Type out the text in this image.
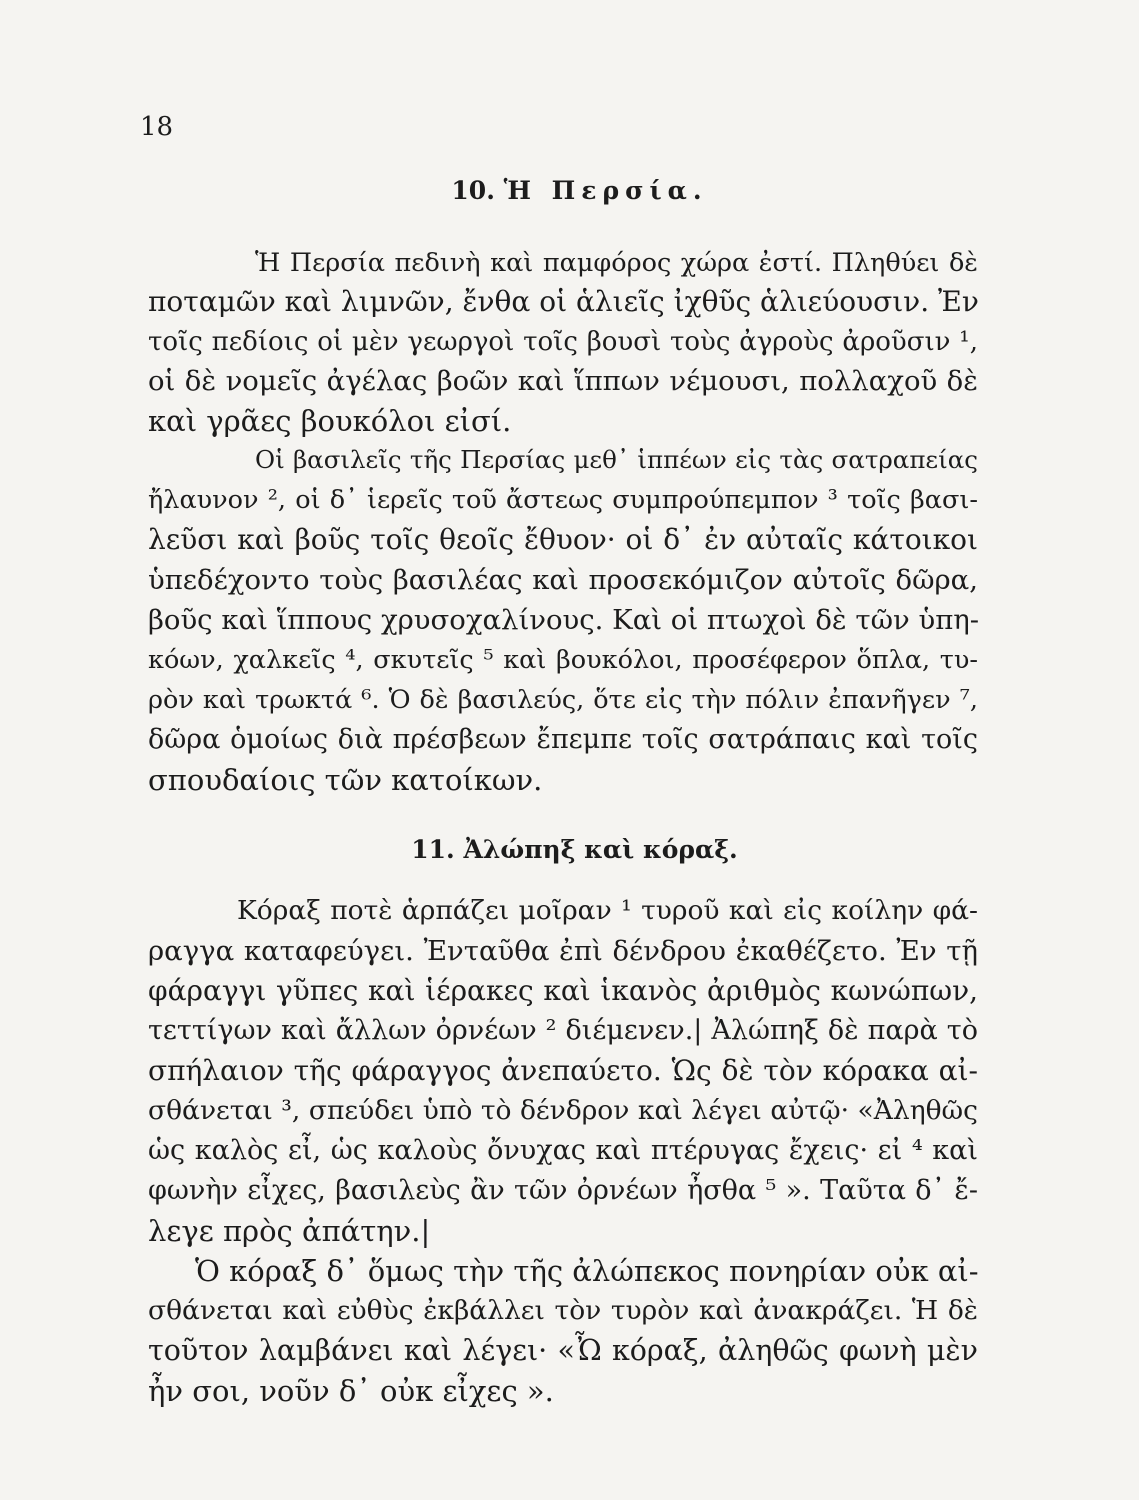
18
10. Ἡ Περσία.
Ἡ Περσία πεδινὴ καὶ παμφόρος χώρα ἐστί. Πληθύει δὲ
ποταμῶν καὶ λιμνῶν, ἔνθα οἱ ἁλιεῖς ἰχθῦς ἁλιεύουσιν. Ἐν
τοῖς πεδίοις οἱ μὲν γεωργοὶ τοῖς βουσὶ τοὺς ἀγροὺς ἀροῦσιν ¹,
οἱ δὲ νομεῖς ἀγέλας βοῶν καὶ ἵππων νέμουσι, πολλαχοῦ δὲ
καὶ γρᾶες βουκόλοι εἰσί.
Οἱ βασιλεῖς τῆς Περσίας μεθ᾽ ἱππέων εἰς τὰς σατραπείας
ἤλαυνον ², οἱ δ᾽ ἱερεῖς τοῦ ἄστεως συμπρούπεμπον ³ τοῖς βασι-
λεῦσι καὶ βοῦς τοῖς θεοῖς ἔθυον· οἱ δ᾽ ἐν αὐταῖς κάτοικοι
ὑπεδέχοντο τοὺς βασιλέας καὶ προσεκόμιζον αὐτοῖς δῶρα,
βοῦς καὶ ἵππους χρυσοχαλίνους. Καὶ οἱ πτωχοὶ δὲ τῶν ὑπη-
κόων, χαλκεῖς ⁴, σκυτεῖς ⁵ καὶ βουκόλοι, προσέφερον ὅπλα, τυ-
ρὸν καὶ τρωκτά ⁶. Ὁ δὲ βασιλεύς, ὅτε εἰς τὴν πόλιν ἐπανῆγεν ⁷,
δῶρα ὁμοίως διὰ πρέσβεων ἔπεμπε τοῖς σατράπαις καὶ τοῖς
σπουδαίοις τῶν κατοίκων.
11. Ἀλώπηξ καὶ κόραξ.
Κόραξ ποτὲ ἁρπάζει μοῖραν ¹ τυροῦ καὶ εἰς κοίλην φά-
ραγγα καταφεύγει. Ἐνταῦθα ἐπὶ δένδρου ἐκαθέζετο. Ἐν τῇ
φάραγγι γῦπες καὶ ἱέρακες καὶ ἱκανὸς ἀριθμὸς κωνώπων,
τεττίγων καὶ ἄλλων ὀρνέων ² διέμενεν.| Ἀλώπηξ δὲ παρὰ τὸ
σπήλαιον τῆς φάραγγος ἀνεπαύετο. Ὡς δὲ τὸν κόρακα αἰ-
σθάνεται ³, σπεύδει ὑπὸ τὸ δένδρον καὶ λέγει αὐτῷ· «Ἀληθῶς
ὡς καλὸς εἶ, ὡς καλοὺς ὄνυχας καὶ πτέρυγας ἔχεις· εἰ ⁴ καὶ
φωνὴν εἶχες, βασιλεὺς ἂν τῶν ὀρνέων ἦσθα ⁵ ». Ταῦτα δ᾽ ἔ-
λεγε πρὸς ἀπάτην.|
Ὁ κόραξ δ᾽ ὅμως τὴν τῆς ἀλώπεκος πονηρίαν οὐκ αἰ-
σθάνεται καὶ εὐθὺς ἐκβάλλει τὸν τυρὸν καὶ ἀνακράζει. Ἡ δὲ
τοῦτον λαμβάνει καὶ λέγει· «Ὦ κόραξ, ἀληθῶς φωνὴ μὲν
ἦν σοι, νοῦν δ᾽ οὐκ εἶχες ».
